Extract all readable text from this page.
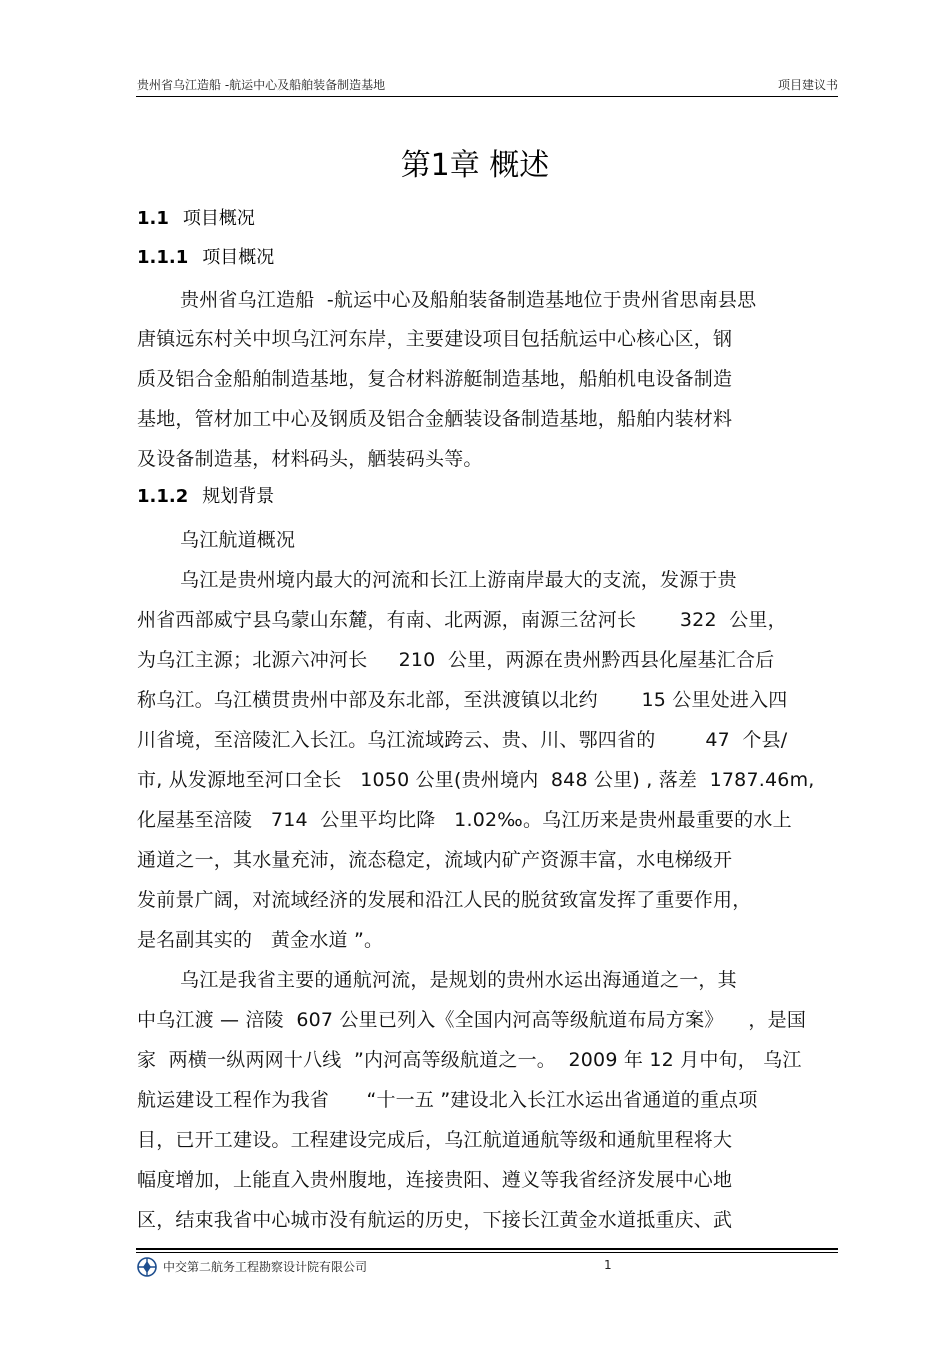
贵州省乌江造船 -航运中心及船舶装备制造基地	项目建议书
第1章 概述
1.1 项目概况
1.1.1 项目概况
贵州省乌江造船  -航运中心及船舶装备制造基地位于贵州省思南县思
唐镇远东村关中坝乌江河东岸，主要建设项目包括航运中心核心区，钢
质及铝合金船舶制造基地，复合材料游艇制造基地，船舶机电设备制造
基地，管材加工中心及钢质及铝合金舾装设备制造基地，船舶内装材料
及设备制造基，材料码头，舾装码头等。
1.1.2 规划背景
乌江航道概况
乌江是贵州境内最大的河流和长江上游南岸最大的支流，发源于贵
州省西部威宁县乌蒙山东麓，有南、北两源，南源三岔河长       322  公里，
为乌江主源；北源六冲河长     210  公里，两源在贵州黔西县化屋基汇合后
称乌江。乌江横贯贵州中部及东北部，至洪渡镇以北约       15 公里处进入四
川省境，至涪陵汇入长江。乌江流域跨云、贵、川、鄂四省的        47  个县/
市, 从发源地至河口全长   1050 公里(贵州境内  848 公里) , 落差  1787.46m,
化屋基至涪陵   714  公里平均比降   1.02‰。乌江历来是贵州最重要的水上
通道之一，其水量充沛，流态稳定，流域内矿产资源丰富，水电梯级开
发前景广阔，对流域经济的发展和沿江人民的脱贫致富发挥了重要作用，
是名副其实的   黄金水道 ”。
乌江是我省主要的通航河流，是规划的贵州水运出海通道之一，其
中乌江渡 — 涪陵  607 公里已列入《全国内河高等级航道布局方案》    ，是国
家  两横一纵两网十八线  ”内河高等级航道之一。  2009 年 12 月中旬， 乌江
航运建设工程作为我省      “十一五 ”建设北入长江水运出省通道的重点项
目，已开工建设。工程建设完成后，乌江航道通航等级和通航里程将大
幅度增加，上能直入贵州腹地，连接贵阳、遵义等我省经济发展中心地
区，结束我省中心城市没有航运的历史，下接长江黄金水道抵重庆、武
中交第二航务工程勘察设计院有限公司	1
